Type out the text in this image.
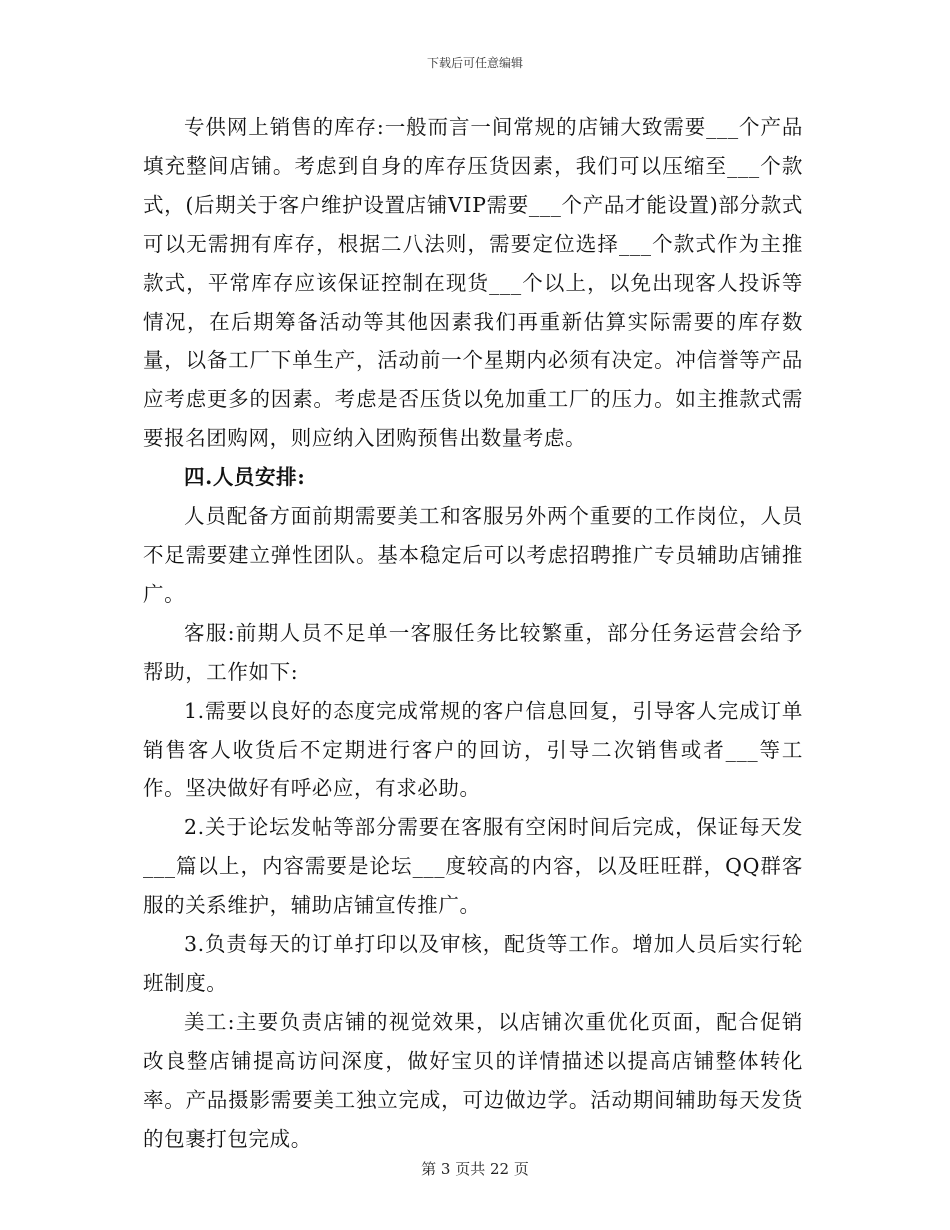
下载后可任意编辑

专供网上销售的库存:一般而言一间常规的店铺大致需要___个产品填充整间店铺。考虑到自身的库存压货因素，我们可以压缩至___个款式，(后期关于客户维护设置店铺VIP需要___个产品才能设置)部分款式可以无需拥有库存，根据二八法则，需要定位选择___个款式作为主推款式，平常库存应该保证控制在现货___个以上，以免出现客人投诉等情况，在后期筹备活动等其他因素我们再重新估算实际需要的库存数量，以备工厂下单生产，活动前一个星期内必须有决定。冲信誉等产品应考虑更多的因素。考虑是否压货以免加重工厂的压力。如主推款式需要报名团购网，则应纳入团购预售出数量考虑。

四.人员安排:

人员配备方面前期需要美工和客服另外两个重要的工作岗位，人员不足需要建立弹性团队。基本稳定后可以考虑招聘推广专员辅助店铺推广。

客服:前期人员不足单一客服任务比较繁重，部分任务运营会给予帮助，工作如下:

1.需要以良好的态度完成常规的客户信息回复，引导客人完成订单销售客人收货后不定期进行客户的回访，引导二次销售或者___等工作。坚决做好有呼必应，有求必助。

2.关于论坛发帖等部分需要在客服有空闲时间后完成，保证每天发___篇以上，内容需要是论坛___度较高的内容，以及旺旺群，QQ群客服的关系维护，辅助店铺宣传推广。

3.负责每天的订单打印以及审核，配货等工作。增加人员后实行轮班制度。

美工:主要负责店铺的视觉效果，以店铺次重优化页面，配合促销改良整店铺提高访问深度，做好宝贝的详情描述以提高店铺整体转化率。产品摄影需要美工独立完成，可边做边学。活动期间辅助每天发货的包裹打包完成。

第 3 页共 22 页
